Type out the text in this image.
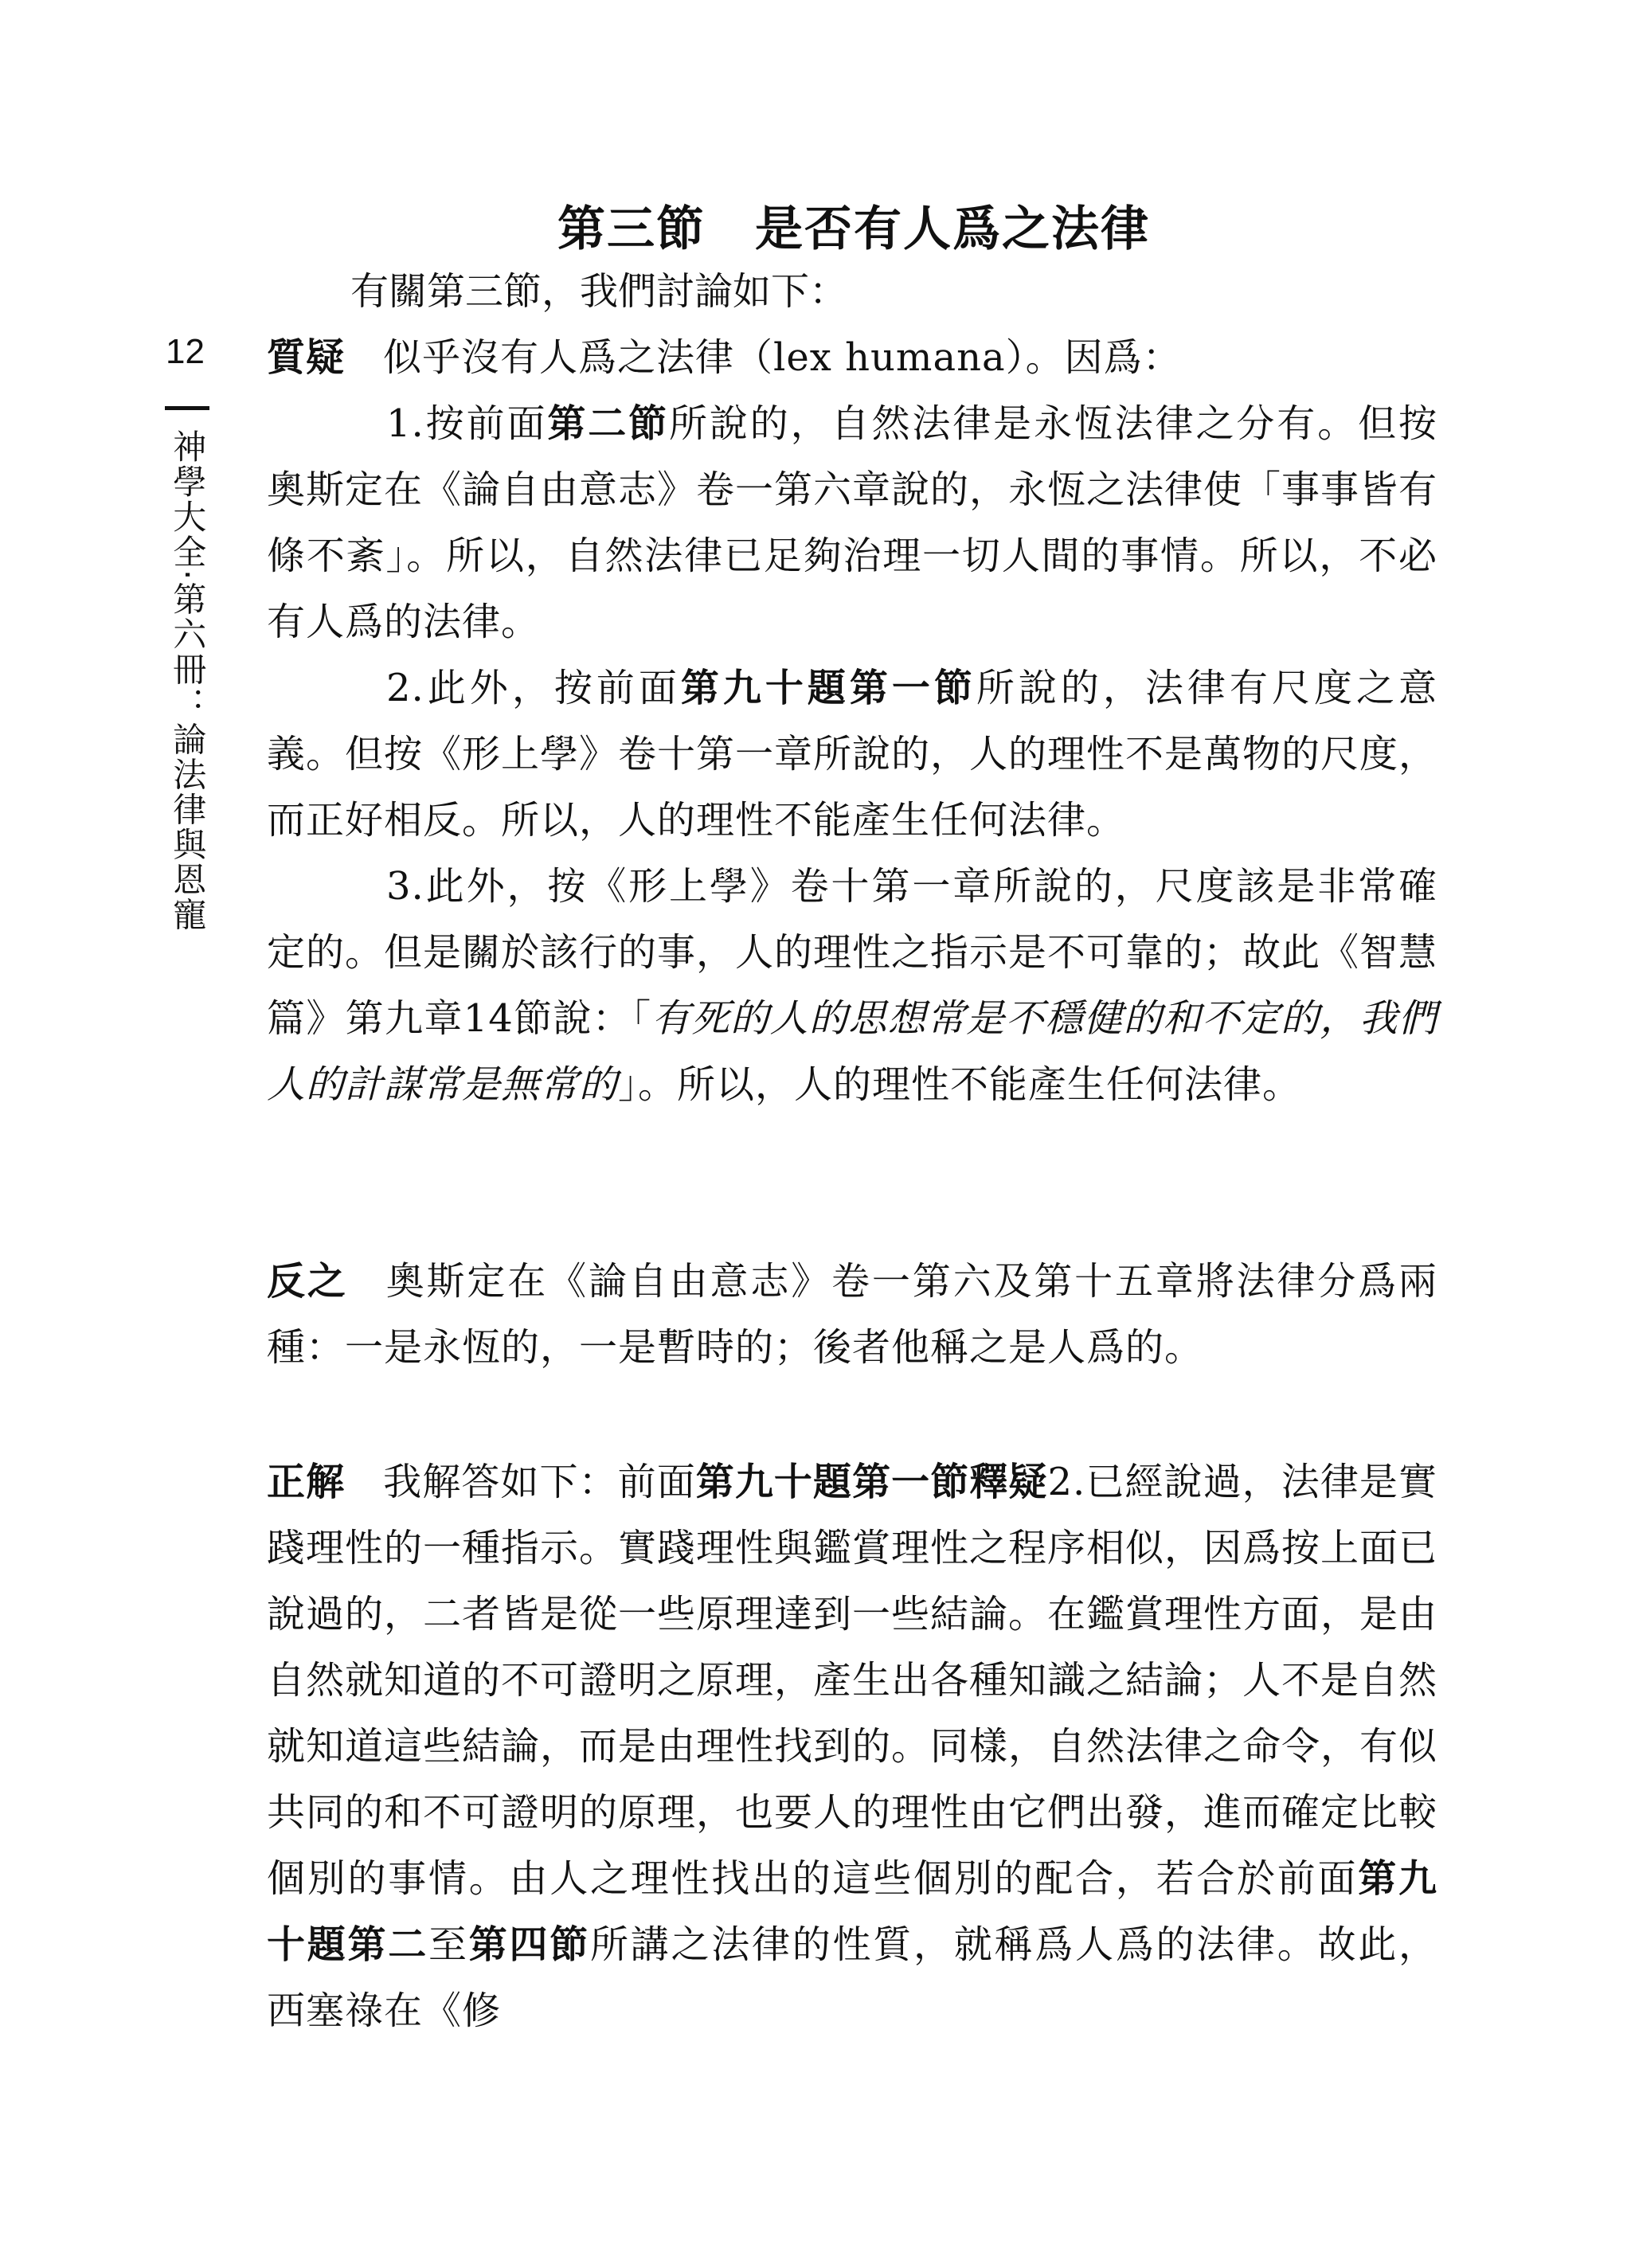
12
神學大全·第六冊：論法律與恩寵
第三節　是否有人爲之法律
有關第三節，我們討論如下：

質疑 似乎沒有人爲之法律（lex humana）。因爲：

1.按前面第二節所說的，自然法律是永恆法律之分有。但按奧斯定在《論自由意志》卷一第六章說的，永恆之法律使「事事皆有條不紊」。所以，自然法律已足夠治理一切人間的事情。所以，不必有人爲的法律。

2.此外，按前面第九十題第一節所說的，法律有尺度之意義。但按《形上學》卷十第一章所說的，人的理性不是萬物的尺度，而正好相反。所以，人的理性不能產生任何法律。

3.此外，按《形上學》卷十第一章所說的，尺度該是非常確定的。但是關於該行的事，人的理性之指示是不可靠的；故此《智慧篇》第九章14節說：「有死的人的思想常是不穩健的和不定的，我們人的計謀常是無常的」。所以，人的理性不能產生任何法律。

反之 奧斯定在《論自由意志》卷一第六及第十五章將法律分爲兩種：一是永恆的，一是暫時的；後者他稱之是人爲的。

正解 我解答如下：前面第九十題第一節釋疑2.已經說過，法律是實踐理性的一種指示。實踐理性與鑑賞理性之程序相似，因爲按上面已說過的，二者皆是從一些原理達到一些結論。在鑑賞理性方面，是由自然就知道的不可證明之原理，產生出各種知識之結論；人不是自然就知道這些結論，而是由理性找到的。同樣，自然法律之命令，有似共同的和不可證明的原理，也要人的理性由它們出發，進而確定比較個別的事情。由人之理性找出的這些個別的配合，若合於前面第九十題第二至第四節所講之法律的性質，就稱爲人爲的法律。故此，西塞祿在《修
